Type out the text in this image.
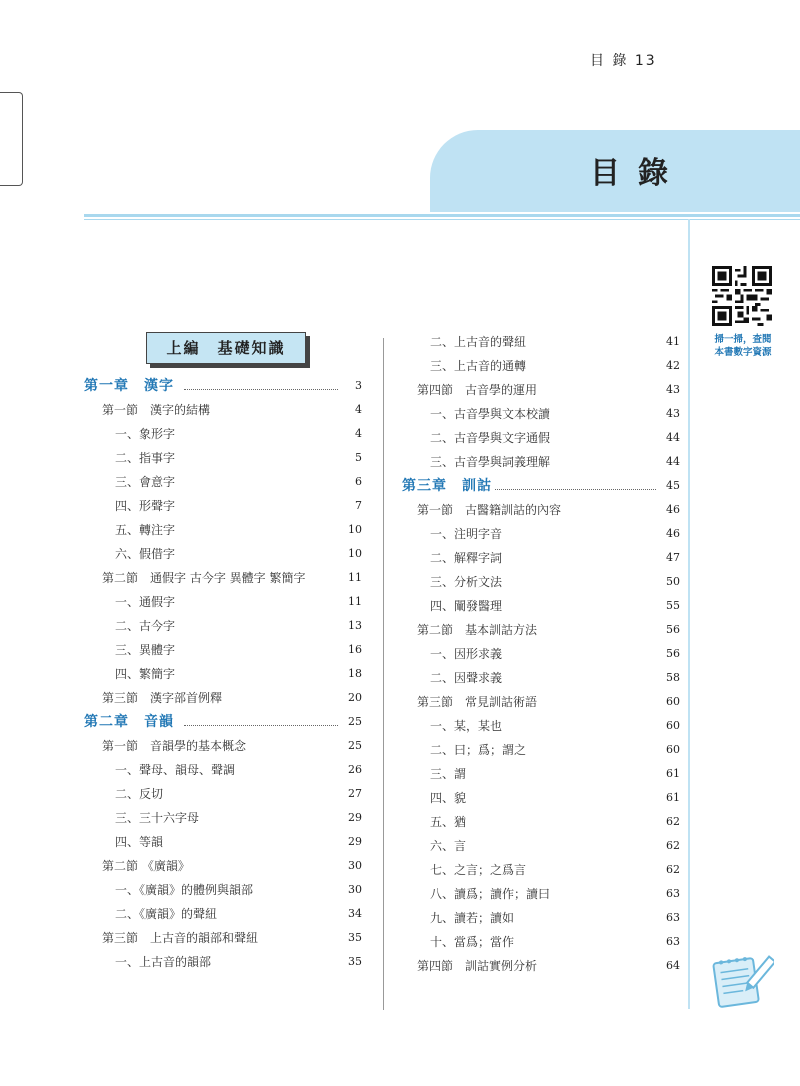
目 錄 13
目錄
掃一掃，查閱
本書數字資源
上編　基礎知識
第一章　漢字	3
第一節　漢字的結構	4
一、象形字	4
二、指事字	5
三、會意字	6
四、形聲字	7
五、轉注字	10
六、假借字	10
第二節　通假字 古今字 異體字 繁簡字	11
一、通假字	11
二、古今字	13
三、異體字	16
四、繁簡字	18
第三節　漢字部首例釋	20
第二章　音韻	25
第一節　音韻學的基本概念	25
一、聲母、韻母、聲調	26
二、反切	27
三、三十六字母	29
四、等韻	29
第二節 《廣韻》	30
一、《廣韻》的體例與韻部	30
二、《廣韻》的聲紐	34
第三節　上古音的韻部和聲紐	35
一、上古音的韻部	35
二、上古音的聲紐	41
三、上古音的通轉	42
第四節　古音學的運用	43
一、古音學與文本校讀	43
二、古音學與文字通假	44
三、古音學與詞義理解	44
第三章　訓詁	45
第一節　古醫籍訓詁的內容	46
一、注明字音	46
二、解釋字詞	47
三、分析文法	50
四、闡發醫理	55
第二節　基本訓詁方法	56
一、因形求義	56
二、因聲求義	58
第三節　常見訓詁術語	60
一、某，某也	60
二、曰；爲；謂之	60
三、謂	61
四、貌	61
五、猶	62
六、言	62
七、之言；之爲言	62
八、讀爲；讀作；讀曰	63
九、讀若；讀如	63
十、當爲；當作	63
第四節　訓詁實例分析	64
